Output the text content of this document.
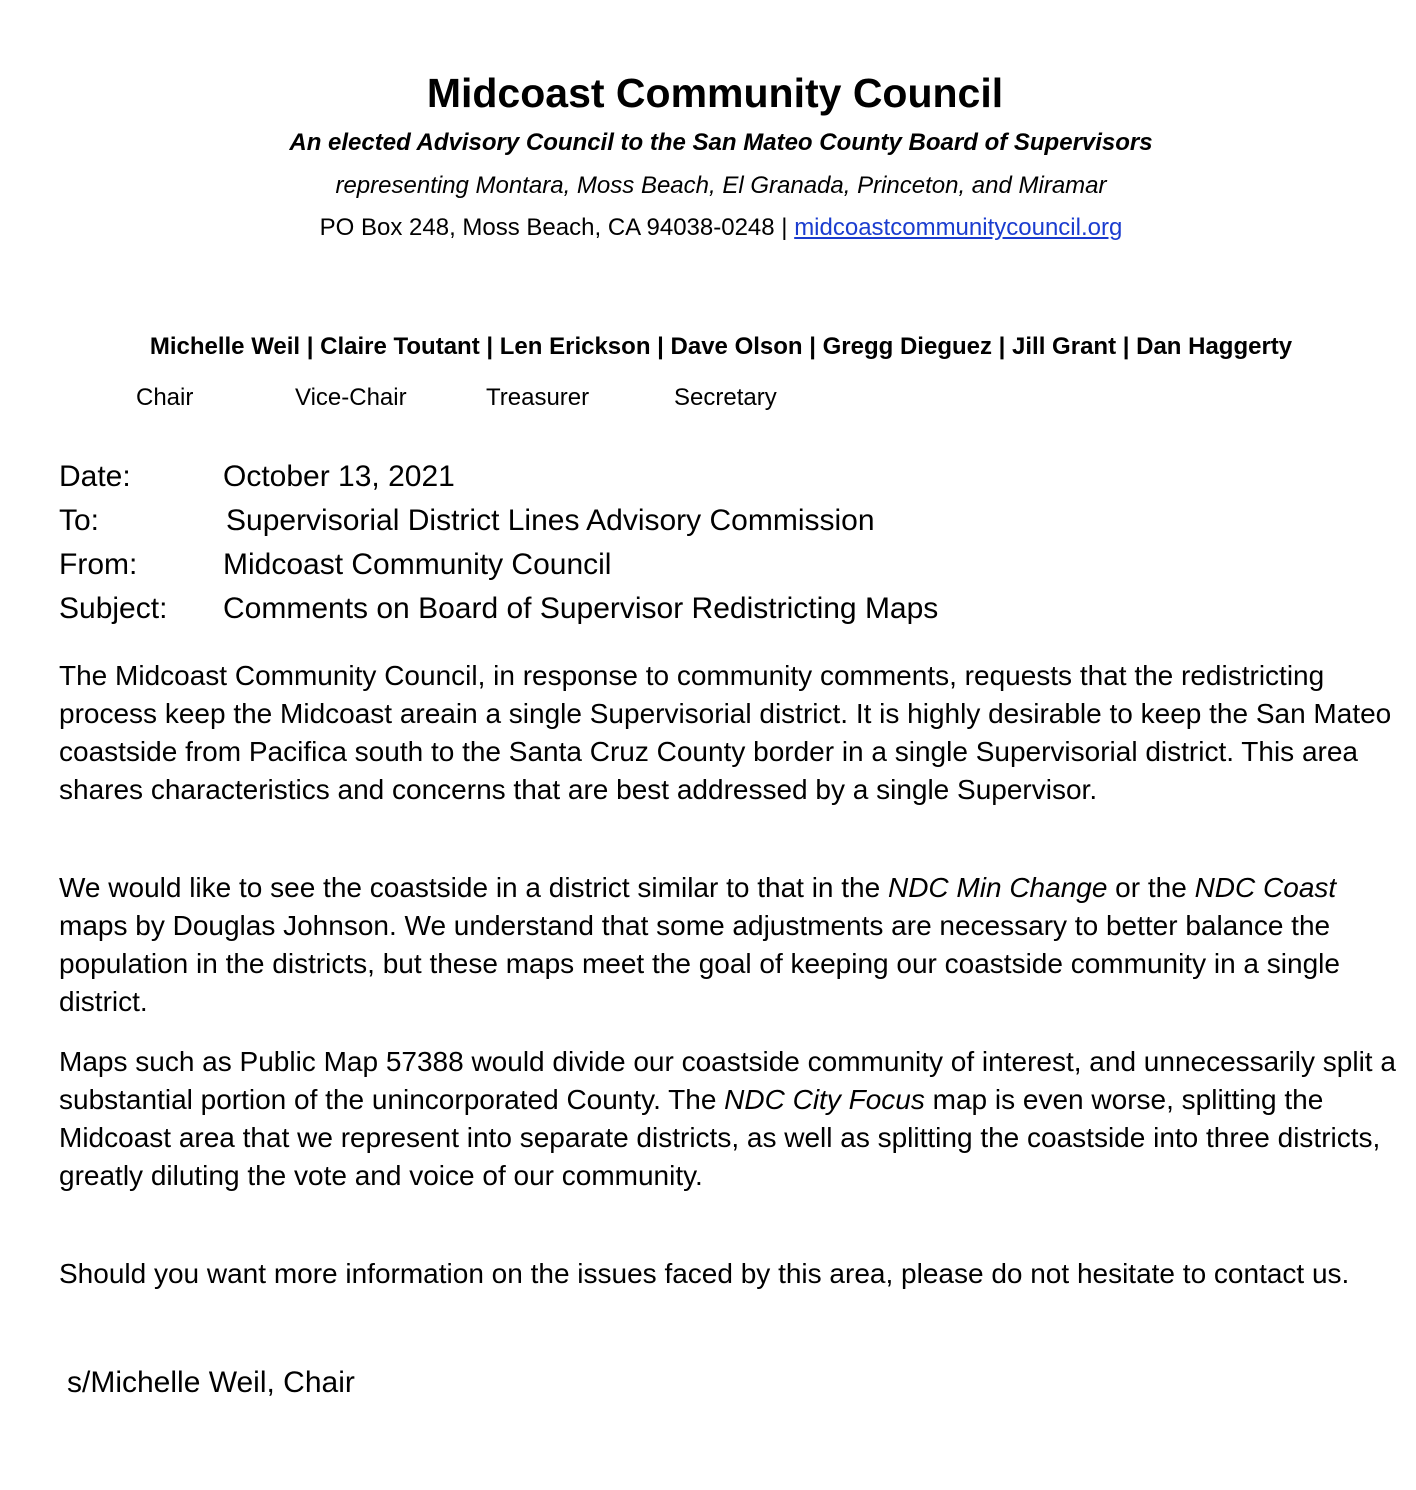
Midcoast Community Council
An elected Advisory Council to the San Mateo County Board of Supervisors
representing Montara, Moss Beach, El Granada, Princeton, and Miramar
PO Box 248, Moss Beach, CA 94038-0248 | midcoastcommunitycouncil.org
Michelle Weil | Claire Toutant | Len Erickson | Dave Olson | Gregg Dieguez | Jill Grant | Dan Haggerty
Chair	Vice-Chair	Treasurer	Secretary
Date:	October 13, 2021
To:	Supervisorial District Lines Advisory Commission
From:	Midcoast Community Council
Subject: Comments on Board of Supervisor Redistricting Maps

The Midcoast Community Council, in response to community comments, requests that the redistricting process keep the Midcoast areain a single Supervisorial district. It is highly desirable to keep the San Mateo coastside from Pacifica south to the Santa Cruz County border in a single Supervisorial district. This area shares characteristics and concerns that are best addressed by a single Supervisor.

We would like to see the coastside in a district similar to that in the NDC Min Change or the NDC Coast maps by Douglas Johnson. We understand that some adjustments are necessary to better balance the population in the districts, but these maps meet the goal of keeping our coastside community in a single district.

Maps such as Public Map 57388 would divide our coastside community of interest, and unnecessarily split a substantial portion of the unincorporated County. The NDC City Focus map is even worse, splitting the Midcoast area that we represent into separate districts, as well as splitting the coastside into three districts, greatly diluting the vote and voice of our community.

Should you want more information on the issues faced by this area, please do not hesitate to contact us.

s/Michelle Weil, Chair
